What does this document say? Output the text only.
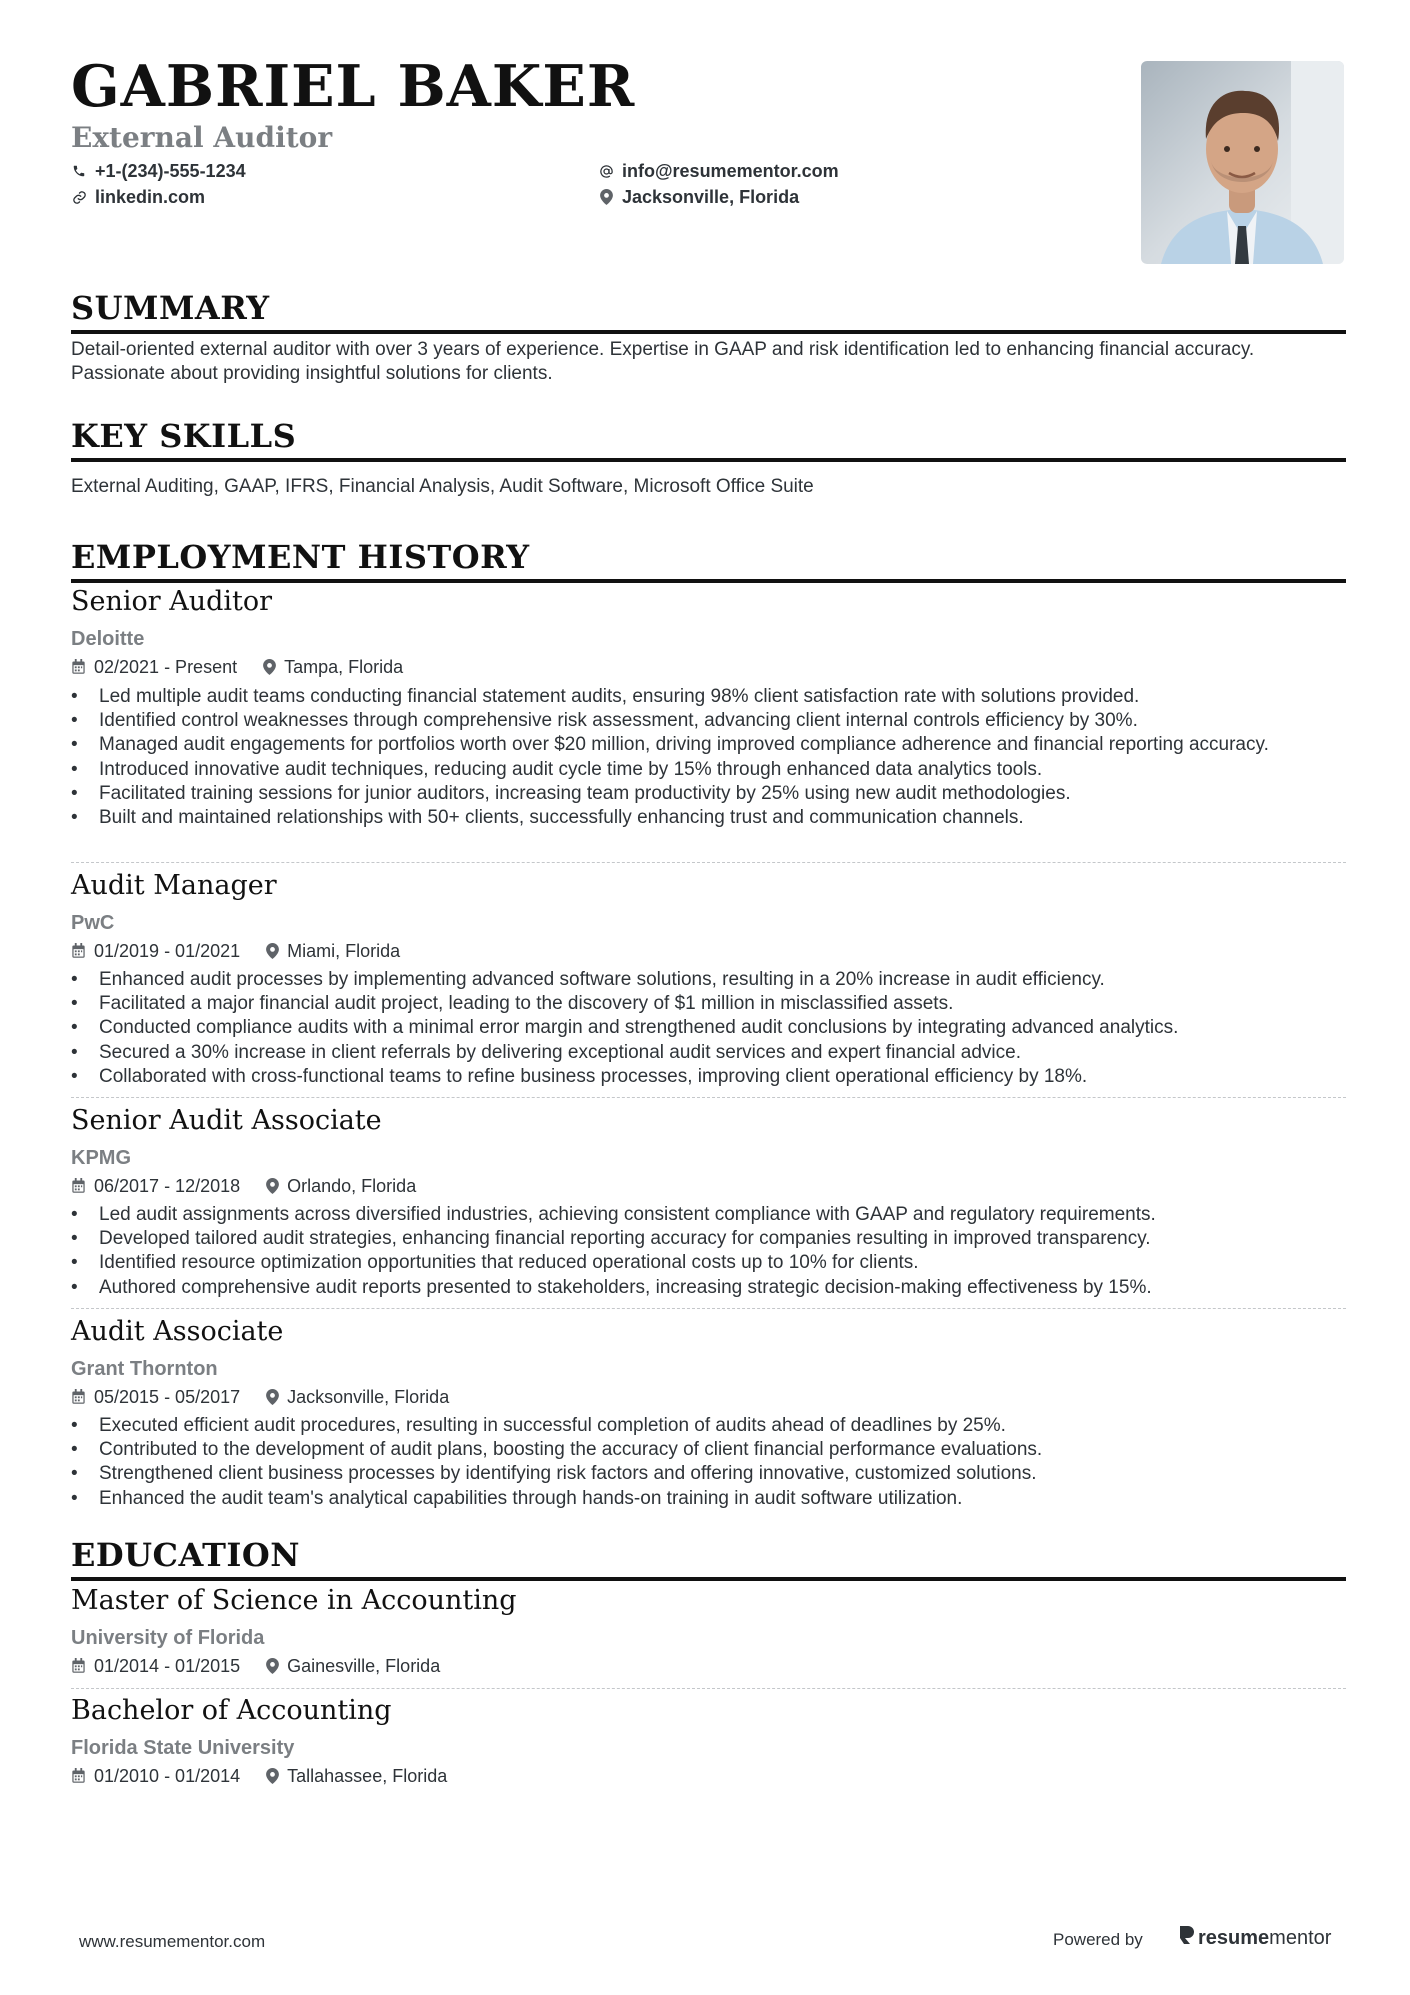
GABRIEL BAKER
External Auditor
+1-(234)-555-1234	info@resumementor.com
linkedin.com	Jacksonville, Florida
SUMMARY
Detail-oriented external auditor with over 3 years of experience. Expertise in GAAP and risk identification led to enhancing financial accuracy. Passionate about providing insightful solutions for clients.
KEY SKILLS
External Auditing, GAAP, IFRS, Financial Analysis, Audit Software, Microsoft Office Suite
EMPLOYMENT HISTORY
Senior Auditor
Deloitte
02/2021 - Present	Tampa, Florida
• Led multiple audit teams conducting financial statement audits, ensuring 98% client satisfaction rate with solutions provided.
• Identified control weaknesses through comprehensive risk assessment, advancing client internal controls efficiency by 30%.
• Managed audit engagements for portfolios worth over $20 million, driving improved compliance adherence and financial reporting accuracy.
• Introduced innovative audit techniques, reducing audit cycle time by 15% through enhanced data analytics tools.
• Facilitated training sessions for junior auditors, increasing team productivity by 25% using new audit methodologies.
• Built and maintained relationships with 50+ clients, successfully enhancing trust and communication channels.
Audit Manager
PwC
01/2019 - 01/2021	Miami, Florida
• Enhanced audit processes by implementing advanced software solutions, resulting in a 20% increase in audit efficiency.
• Facilitated a major financial audit project, leading to the discovery of $1 million in misclassified assets.
• Conducted compliance audits with a minimal error margin and strengthened audit conclusions by integrating advanced analytics.
• Secured a 30% increase in client referrals by delivering exceptional audit services and expert financial advice.
• Collaborated with cross-functional teams to refine business processes, improving client operational efficiency by 18%.
Senior Audit Associate
KPMG
06/2017 - 12/2018	Orlando, Florida
• Led audit assignments across diversified industries, achieving consistent compliance with GAAP and regulatory requirements.
• Developed tailored audit strategies, enhancing financial reporting accuracy for companies resulting in improved transparency.
• Identified resource optimization opportunities that reduced operational costs up to 10% for clients.
• Authored comprehensive audit reports presented to stakeholders, increasing strategic decision-making effectiveness by 15%.
Audit Associate
Grant Thornton
05/2015 - 05/2017	Jacksonville, Florida
• Executed efficient audit procedures, resulting in successful completion of audits ahead of deadlines by 25%.
• Contributed to the development of audit plans, boosting the accuracy of client financial performance evaluations.
• Strengthened client business processes by identifying risk factors and offering innovative, customized solutions.
• Enhanced the audit team's analytical capabilities through hands-on training in audit software utilization.
EDUCATION
Master of Science in Accounting
University of Florida
01/2014 - 01/2015	Gainesville, Florida
Bachelor of Accounting
Florida State University
01/2010 - 01/2014	Tallahassee, Florida
www.resumementor.com	Powered by	resumementor
